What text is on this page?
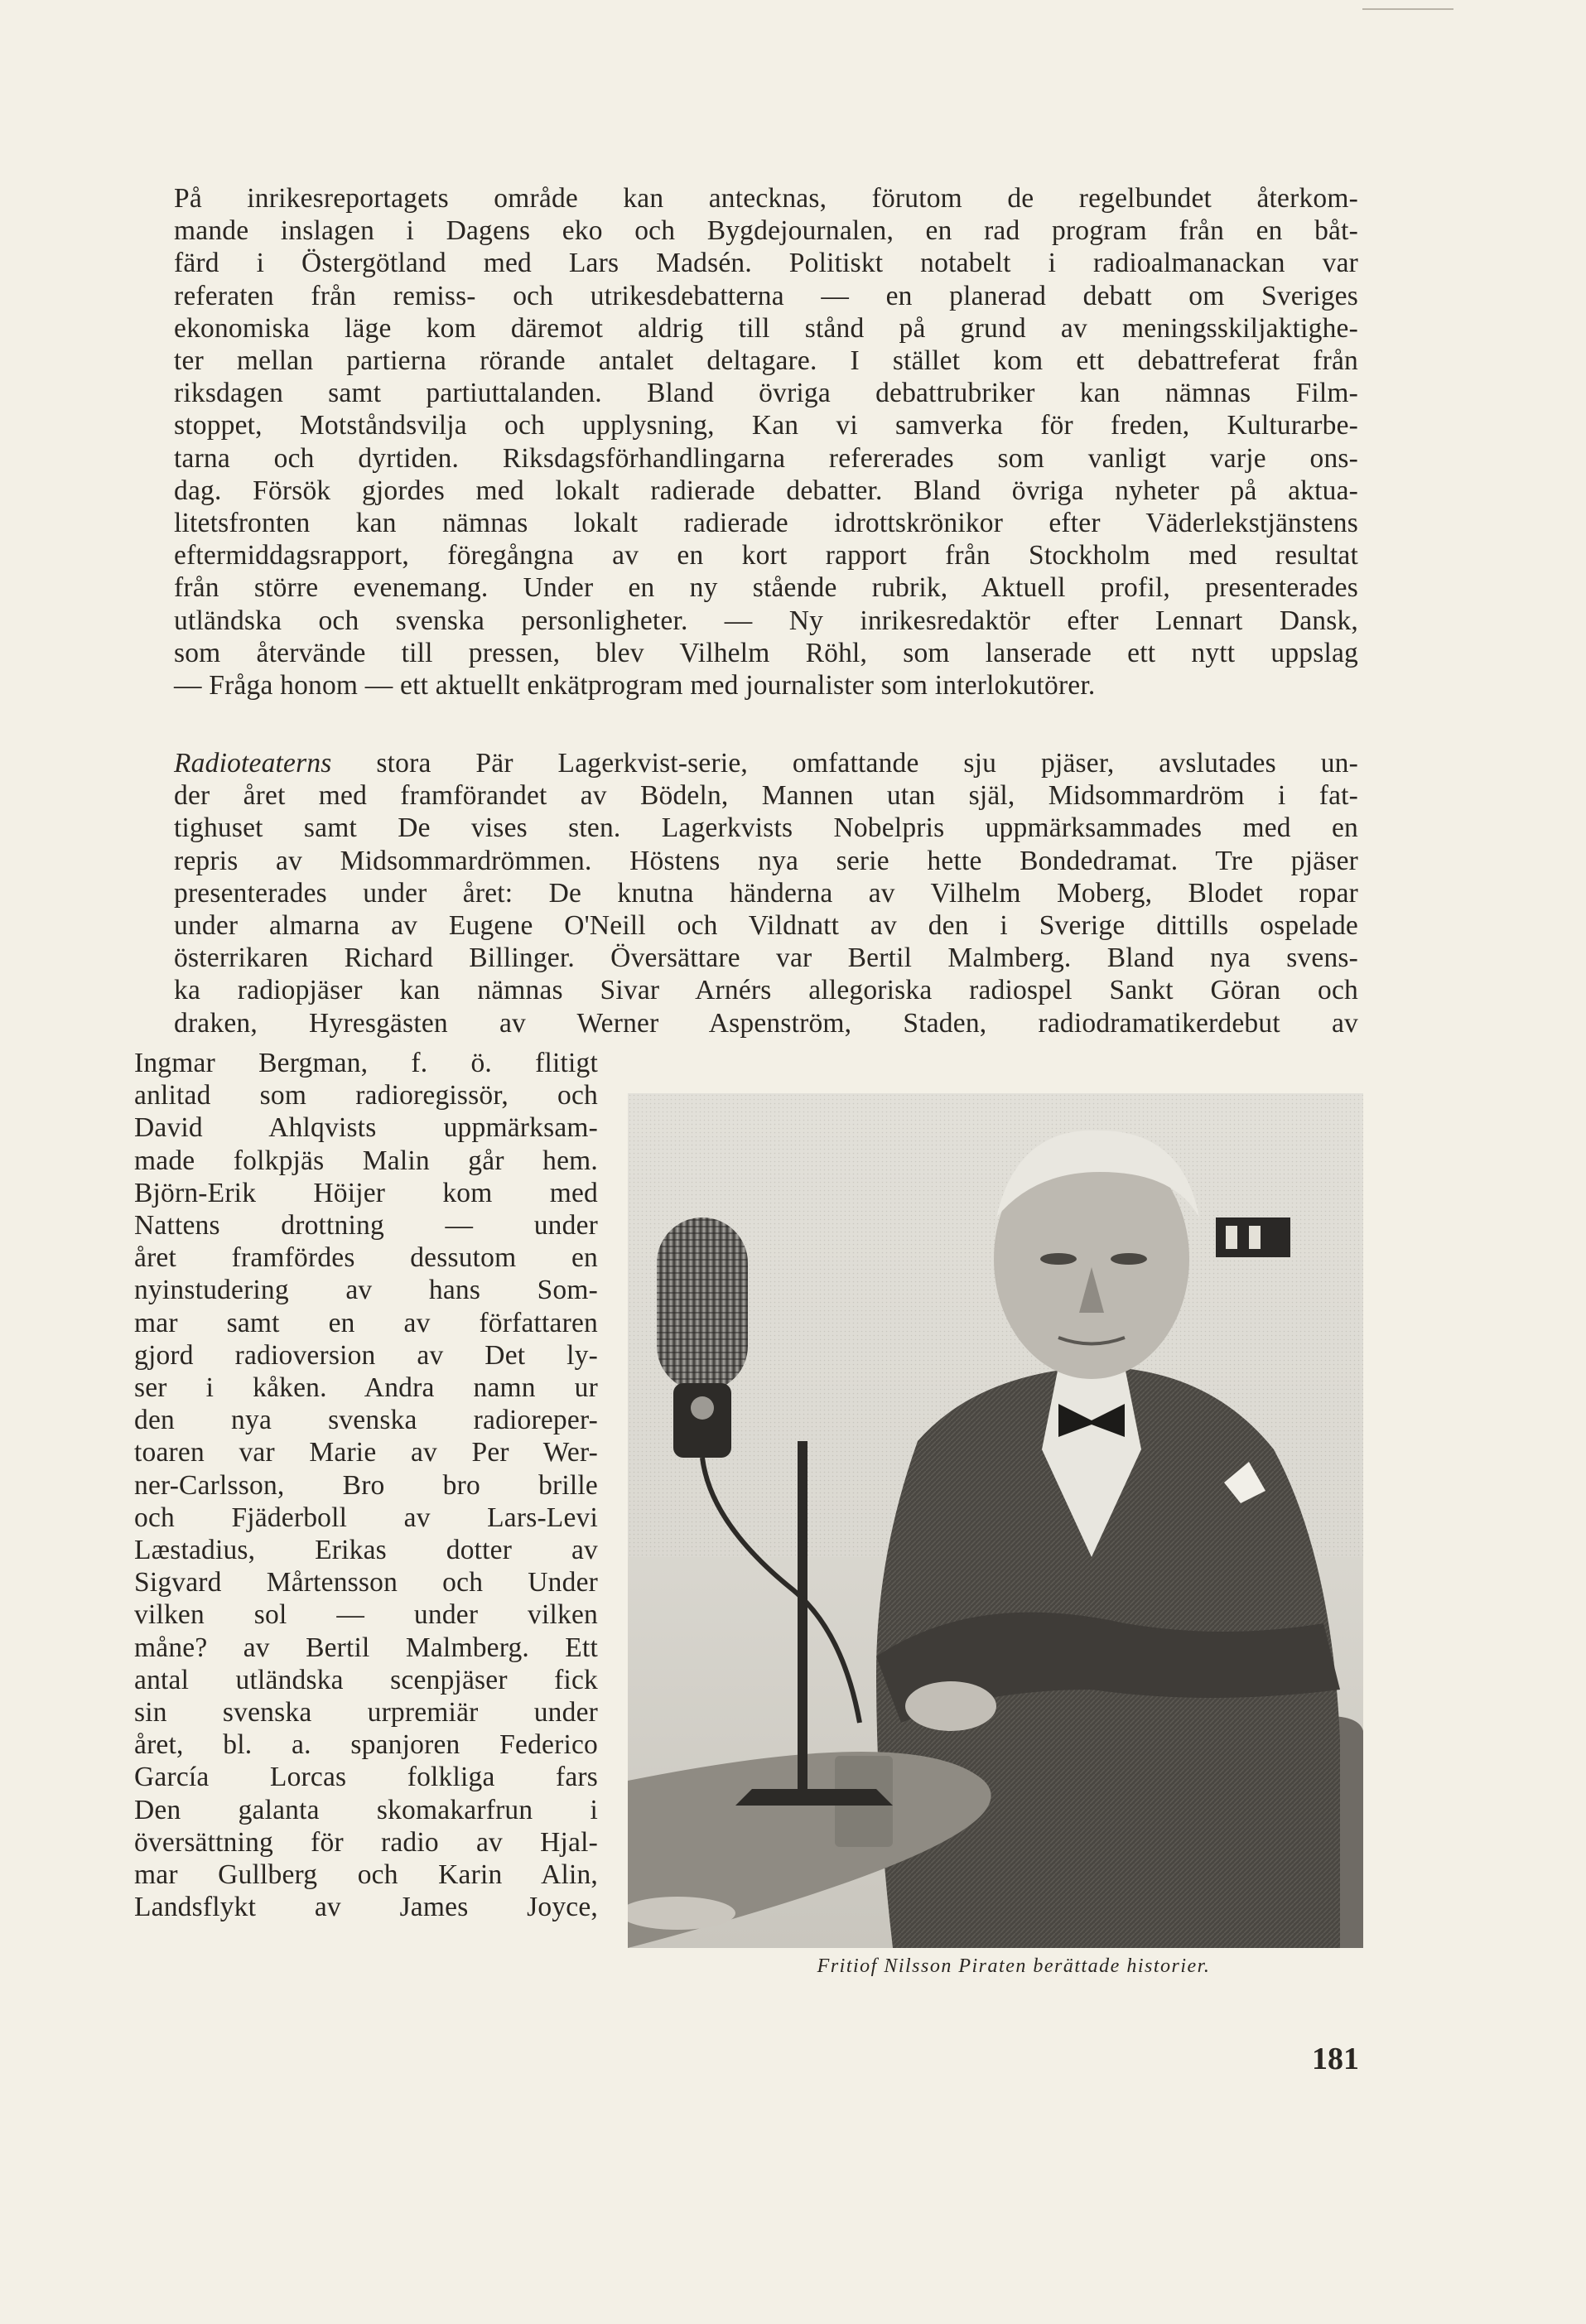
På inrikesreportagets område kan antecknas, förutom de regelbundet återkom-
mande inslagen i Dagens eko och Bygdejournalen, en rad program från en båt-
färd i Östergötland med Lars Madsén. Politiskt notabelt i radioalmanackan var
referaten från remiss- och utrikesdebatterna — en planerad debatt om Sveriges
ekonomiska läge kom däremot aldrig till stånd på grund av meningsskiljaktighe-
ter mellan partierna rörande antalet deltagare. I stället kom ett debattreferat från
riksdagen samt partiuttalanden. Bland övriga debattrubriker kan nämnas Film-
stoppet, Motståndsvilja och upplysning, Kan vi samverka för freden, Kulturarbe-
tarna och dyrtiden. Riksdagsförhandlingarna refererades som vanligt varje ons-
dag. Försök gjordes med lokalt radierade debatter. Bland övriga nyheter på aktua-
litetsfronten kan nämnas lokalt radierade idrottskrönikor efter Väderlekstjänstens
eftermiddagsrapport, föregångna av en kort rapport från Stockholm med resultat
från större evenemang. Under en ny stående rubrik, Aktuell profil, presenterades
utländska och svenska personligheter. — Ny inrikesredaktör efter Lennart Dansk,
som återvände till pressen, blev Vilhelm Röhl, som lanserade ett nytt uppslag
— Fråga honom — ett aktuellt enkätprogram med journalister som interlokutörer.

Radioteaterns stora Pär Lagerkvist-serie, omfattande sju pjäser, avslutades un-
der året med framförandet av Bödeln, Mannen utan själ, Midsommardröm i fat-
tighuset samt De vises sten. Lagerkvists Nobelpris uppmärksammades med en
repris av Midsommardrömmen. Höstens nya serie hette Bondedramat. Tre pjäser
presenterades under året: De knutna händerna av Vilhelm Moberg, Blodet ropar
under almarna av Eugene O'Neill och Vildnatt av den i Sverige dittills ospelade
österrikaren Richard Billinger. Översättare var Bertil Malmberg. Bland nya svens-
ka radiopjäser kan nämnas Sivar Arnérs allegoriska radiospel Sankt Göran och
draken, Hyresgästen av Werner Aspenström, Staden, radiodramatikerdebut av

Ingmar Bergman, f. ö. flitigt
anlitad som radioregissör, och
David Ahlqvists uppmärksam-
made folkpjäs Malin går hem.
Björn-Erik Höijer kom med
Nattens drottning — under
året framfördes dessutom en
nyinstudering av hans Som-
mar samt en av författaren
gjord radioversion av Det ly-
ser i kåken. Andra namn ur
den nya svenska radioreper-
toaren var Marie av Per Wer-
ner-Carlsson, Bro bro brille
och Fjäderboll av Lars-Levi
Læstadius, Erikas dotter av
Sigvard Mårtensson och Under
vilken sol — under vilken
måne? av Bertil Malmberg. Ett
antal utländska scenpjäser fick
sin svenska urpremiär under
året, bl. a. spanjoren Federico
García Lorcas folkliga fars
Den galanta skomakarfrun i
översättning för radio av Hjal-
mar Gullberg och Karin Alin,
Landsflykt av James Joyce,

Fritiof Nilsson Piraten berättade historier.
181
